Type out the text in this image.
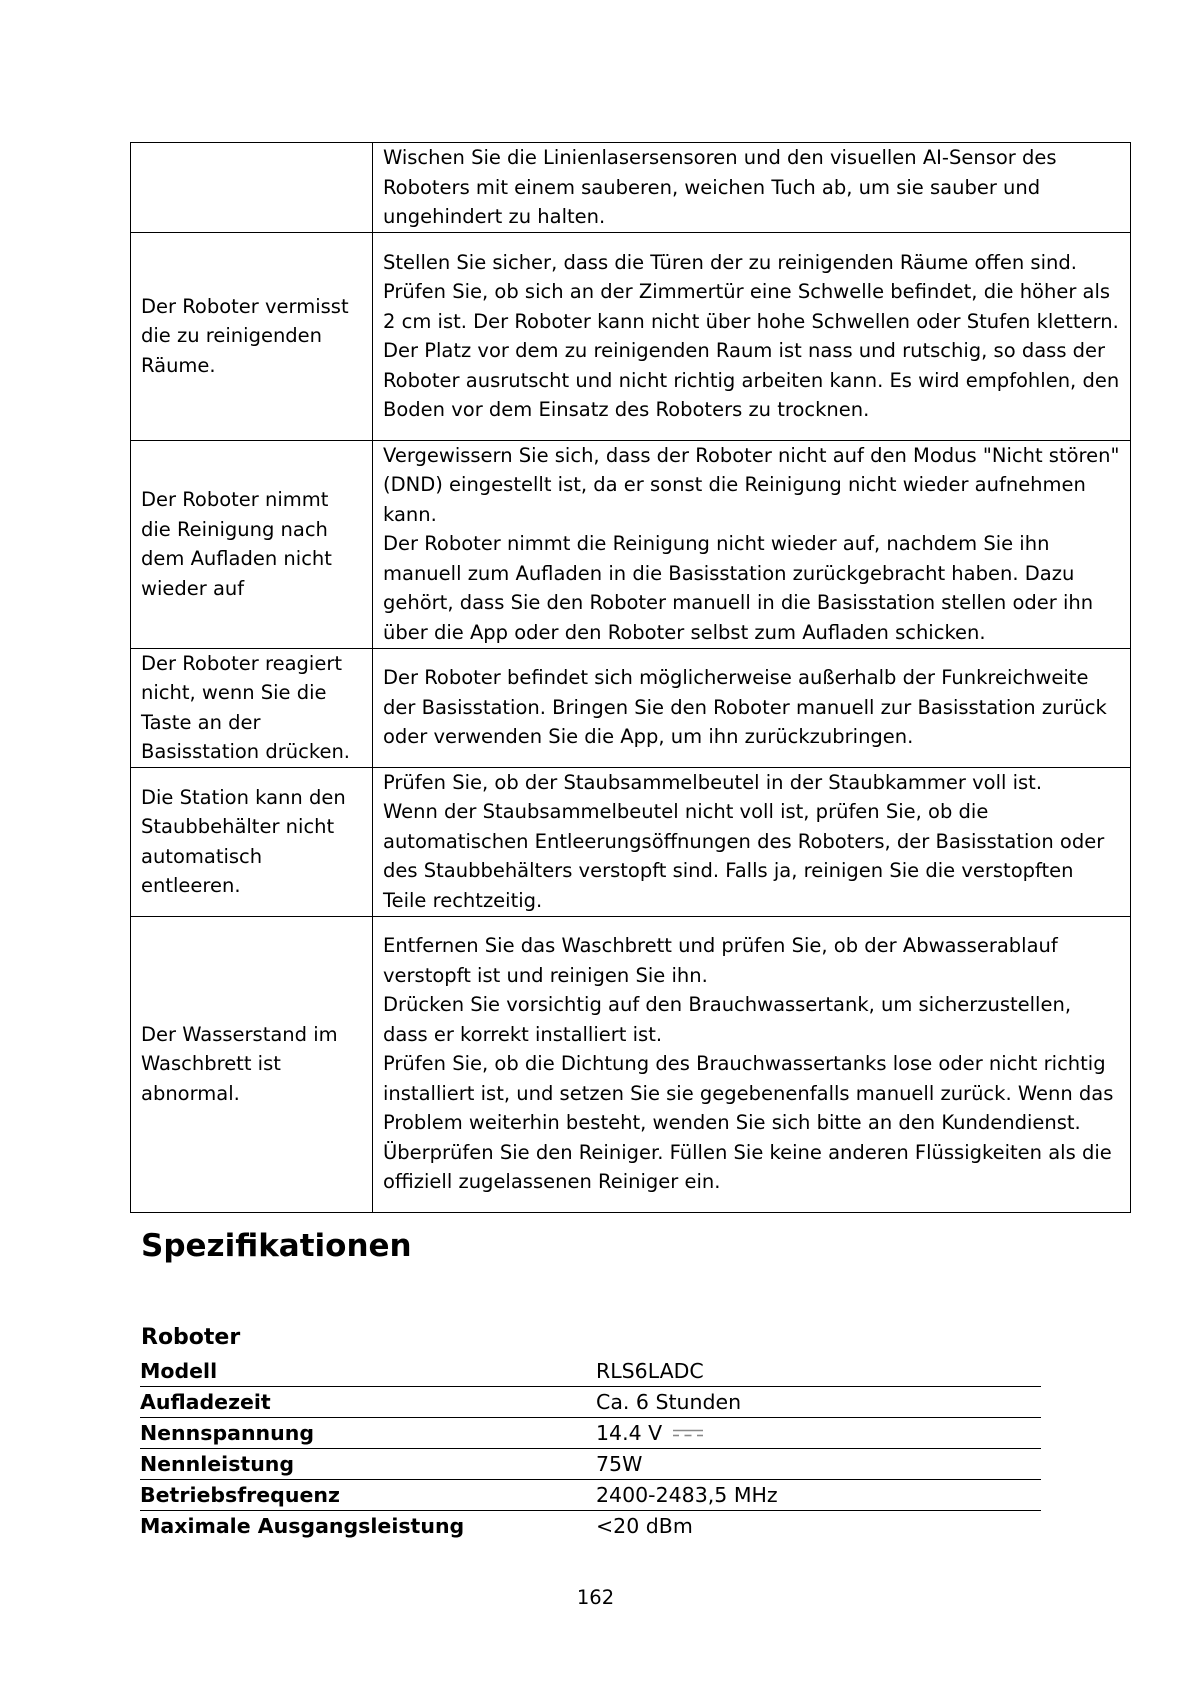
	Wischen Sie die Linienlasersensoren und den visuellen AI-Sensor des Roboters mit einem sauberen, weichen Tuch ab, um sie sauber und ungehindert zu halten.

Der Roboter vermisst die zu reinigenden Räume.	Stellen Sie sicher, dass die Türen der zu reinigenden Räume offen sind.
Prüfen Sie, ob sich an der Zimmertür eine Schwelle befindet, die höher als 2 cm ist. Der Roboter kann nicht über hohe Schwellen oder Stufen klettern.
Der Platz vor dem zu reinigenden Raum ist nass und rutschig, so dass der Roboter ausrutscht und nicht richtig arbeiten kann. Es wird empfohlen, den Boden vor dem Einsatz des Roboters zu trocknen.

Der Roboter nimmt die Reinigung nach dem Aufladen nicht wieder auf	Vergewissern Sie sich, dass der Roboter nicht auf den Modus "Nicht stören" (DND) eingestellt ist, da er sonst die Reinigung nicht wieder aufnehmen kann.
Der Roboter nimmt die Reinigung nicht wieder auf, nachdem Sie ihn manuell zum Aufladen in die Basisstation zurückgebracht haben. Dazu gehört, dass Sie den Roboter manuell in die Basisstation stellen oder ihn über die App oder den Roboter selbst zum Aufladen schicken.

Der Roboter reagiert nicht, wenn Sie die Taste an der Basisstation drücken.	Der Roboter befindet sich möglicherweise außerhalb der Funkreichweite der Basisstation. Bringen Sie den Roboter manuell zur Basisstation zurück oder verwenden Sie die App, um ihn zurückzubringen.

Die Station kann den Staubbehälter nicht automatisch entleeren.	Prüfen Sie, ob der Staubsammelbeutel in der Staubkammer voll ist.
Wenn der Staubsammelbeutel nicht voll ist, prüfen Sie, ob die automatischen Entleerungsöffnungen des Roboters, der Basisstation oder des Staubbehälters verstopft sind. Falls ja, reinigen Sie die verstopften Teile rechtzeitig.

Der Wasserstand im Waschbrett ist abnormal.	Entfernen Sie das Waschbrett und prüfen Sie, ob der Abwasserablauf verstopft ist und reinigen Sie ihn.
Drücken Sie vorsichtig auf den Brauchwassertank, um sicherzustellen, dass er korrekt installiert ist.
Prüfen Sie, ob die Dichtung des Brauchwassertanks lose oder nicht richtig installiert ist, und setzen Sie sie gegebenenfalls manuell zurück. Wenn das Problem weiterhin besteht, wenden Sie sich bitte an den Kundendienst.
Überprüfen Sie den Reiniger. Füllen Sie keine anderen Flüssigkeiten als die offiziell zugelassenen Reiniger ein.
Spezifikationen
Roboter
Modell	RLS6LADC
Aufladezeit	Ca. 6 Stunden
Nennspannung	14.4 V
Nennleistung	75W
Betriebsfrequenz	2400-2483,5 MHz
Maximale Ausgangsleistung	<20 dBm
162
